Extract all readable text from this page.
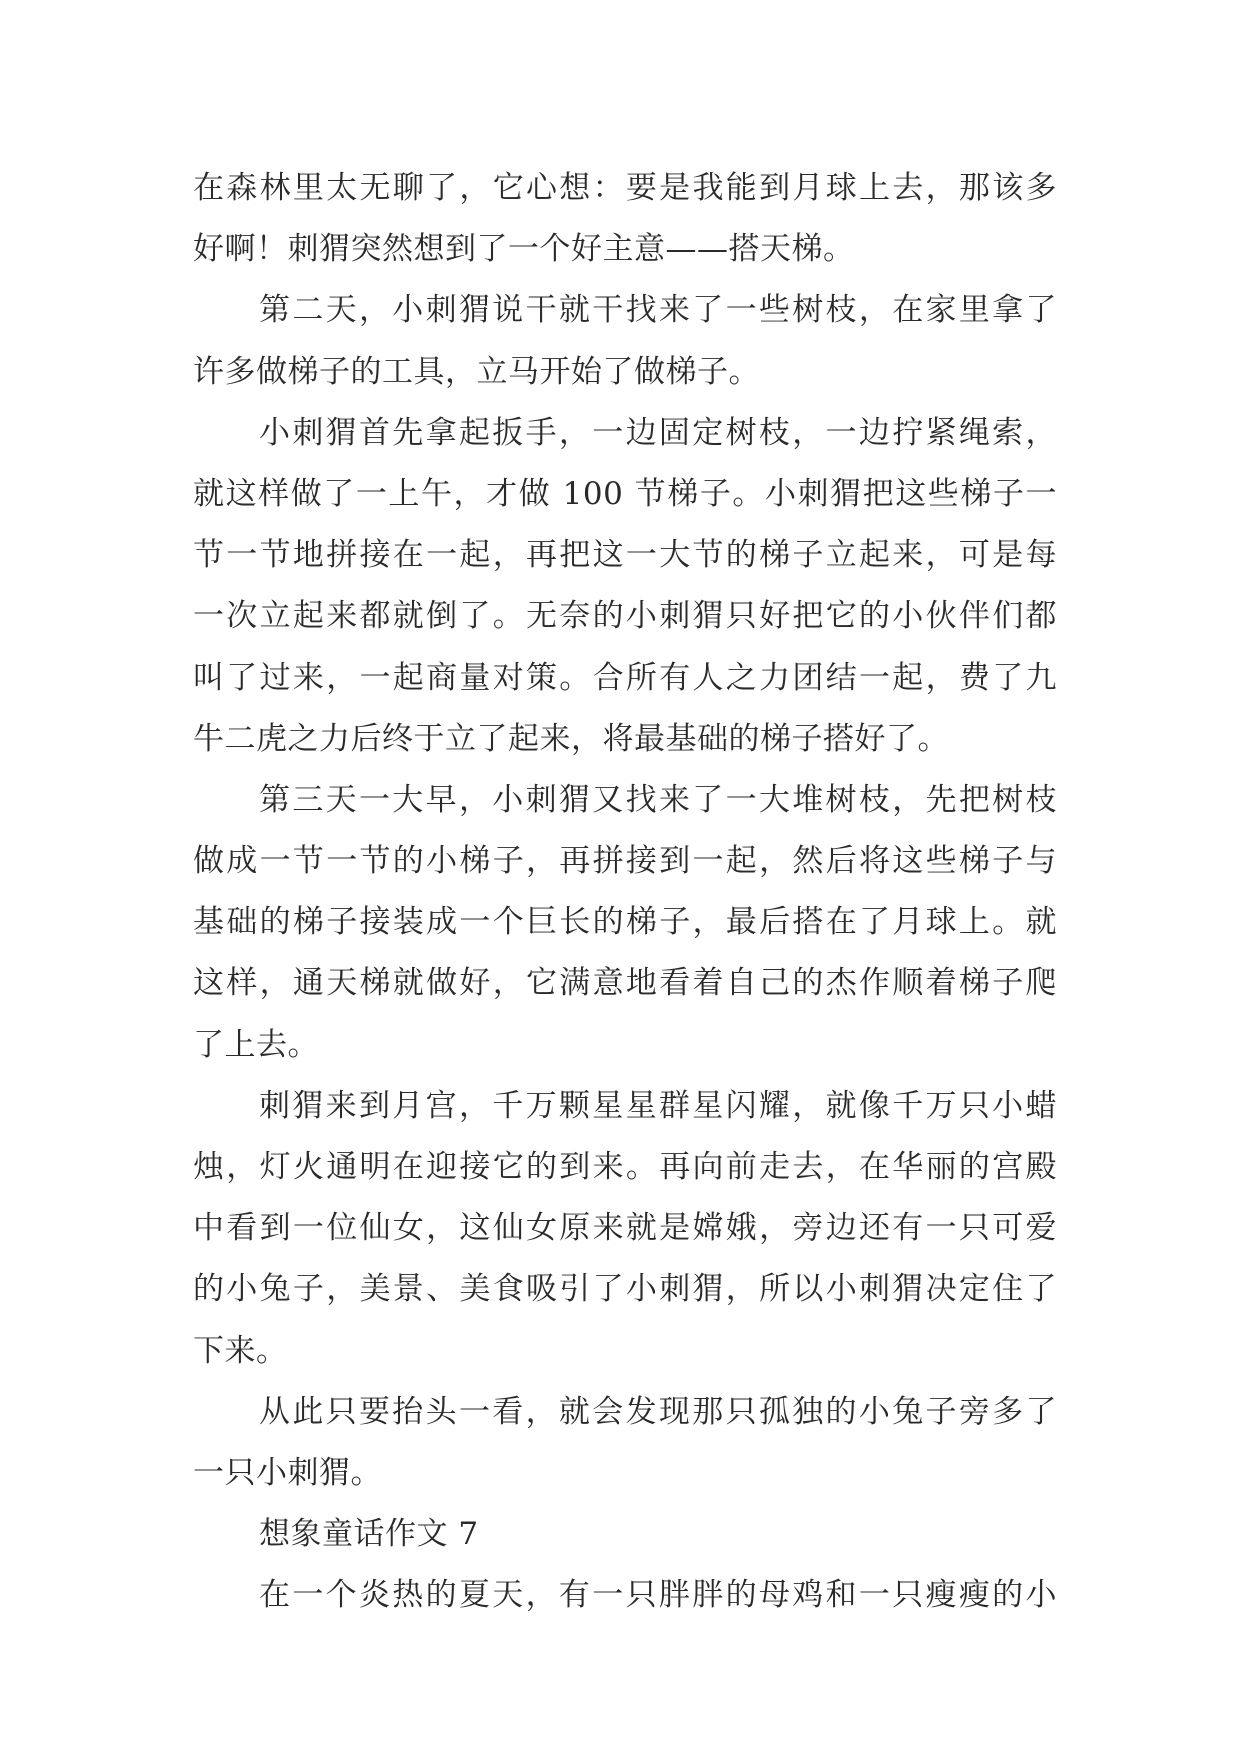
在森林里太无聊了，它心想：要是我能到月球上去，那该多
好啊！刺猬突然想到了一个好主意——搭天梯。
第二天，小刺猬说干就干找来了一些树枝，在家里拿了
许多做梯子的工具，立马开始了做梯子。
小刺猬首先拿起扳手，一边固定树枝，一边拧紧绳索，
就这样做了一上午，才做 100 节梯子。小刺猬把这些梯子一
节一节地拼接在一起，再把这一大节的梯子立起来，可是每
一次立起来都就倒了。无奈的小刺猬只好把它的小伙伴们都
叫了过来，一起商量对策。合所有人之力团结一起，费了九
牛二虎之力后终于立了起来，将最基础的梯子搭好了。
第三天一大早，小刺猬又找来了一大堆树枝，先把树枝
做成一节一节的小梯子，再拼接到一起，然后将这些梯子与
基础的梯子接装成一个巨长的梯子，最后搭在了月球上。就
这样，通天梯就做好，它满意地看着自己的杰作顺着梯子爬
了上去。
刺猬来到月宫，千万颗星星群星闪耀，就像千万只小蜡
烛，灯火通明在迎接它的到来。再向前走去，在华丽的宫殿
中看到一位仙女，这仙女原来就是嫦娥，旁边还有一只可爱
的小兔子，美景、美食吸引了小刺猬，所以小刺猬决定住了
下来。
从此只要抬头一看，就会发现那只孤独的小兔子旁多了
一只小刺猬。
想象童话作文 7
在一个炎热的夏天，有一只胖胖的母鸡和一只瘦瘦的小
